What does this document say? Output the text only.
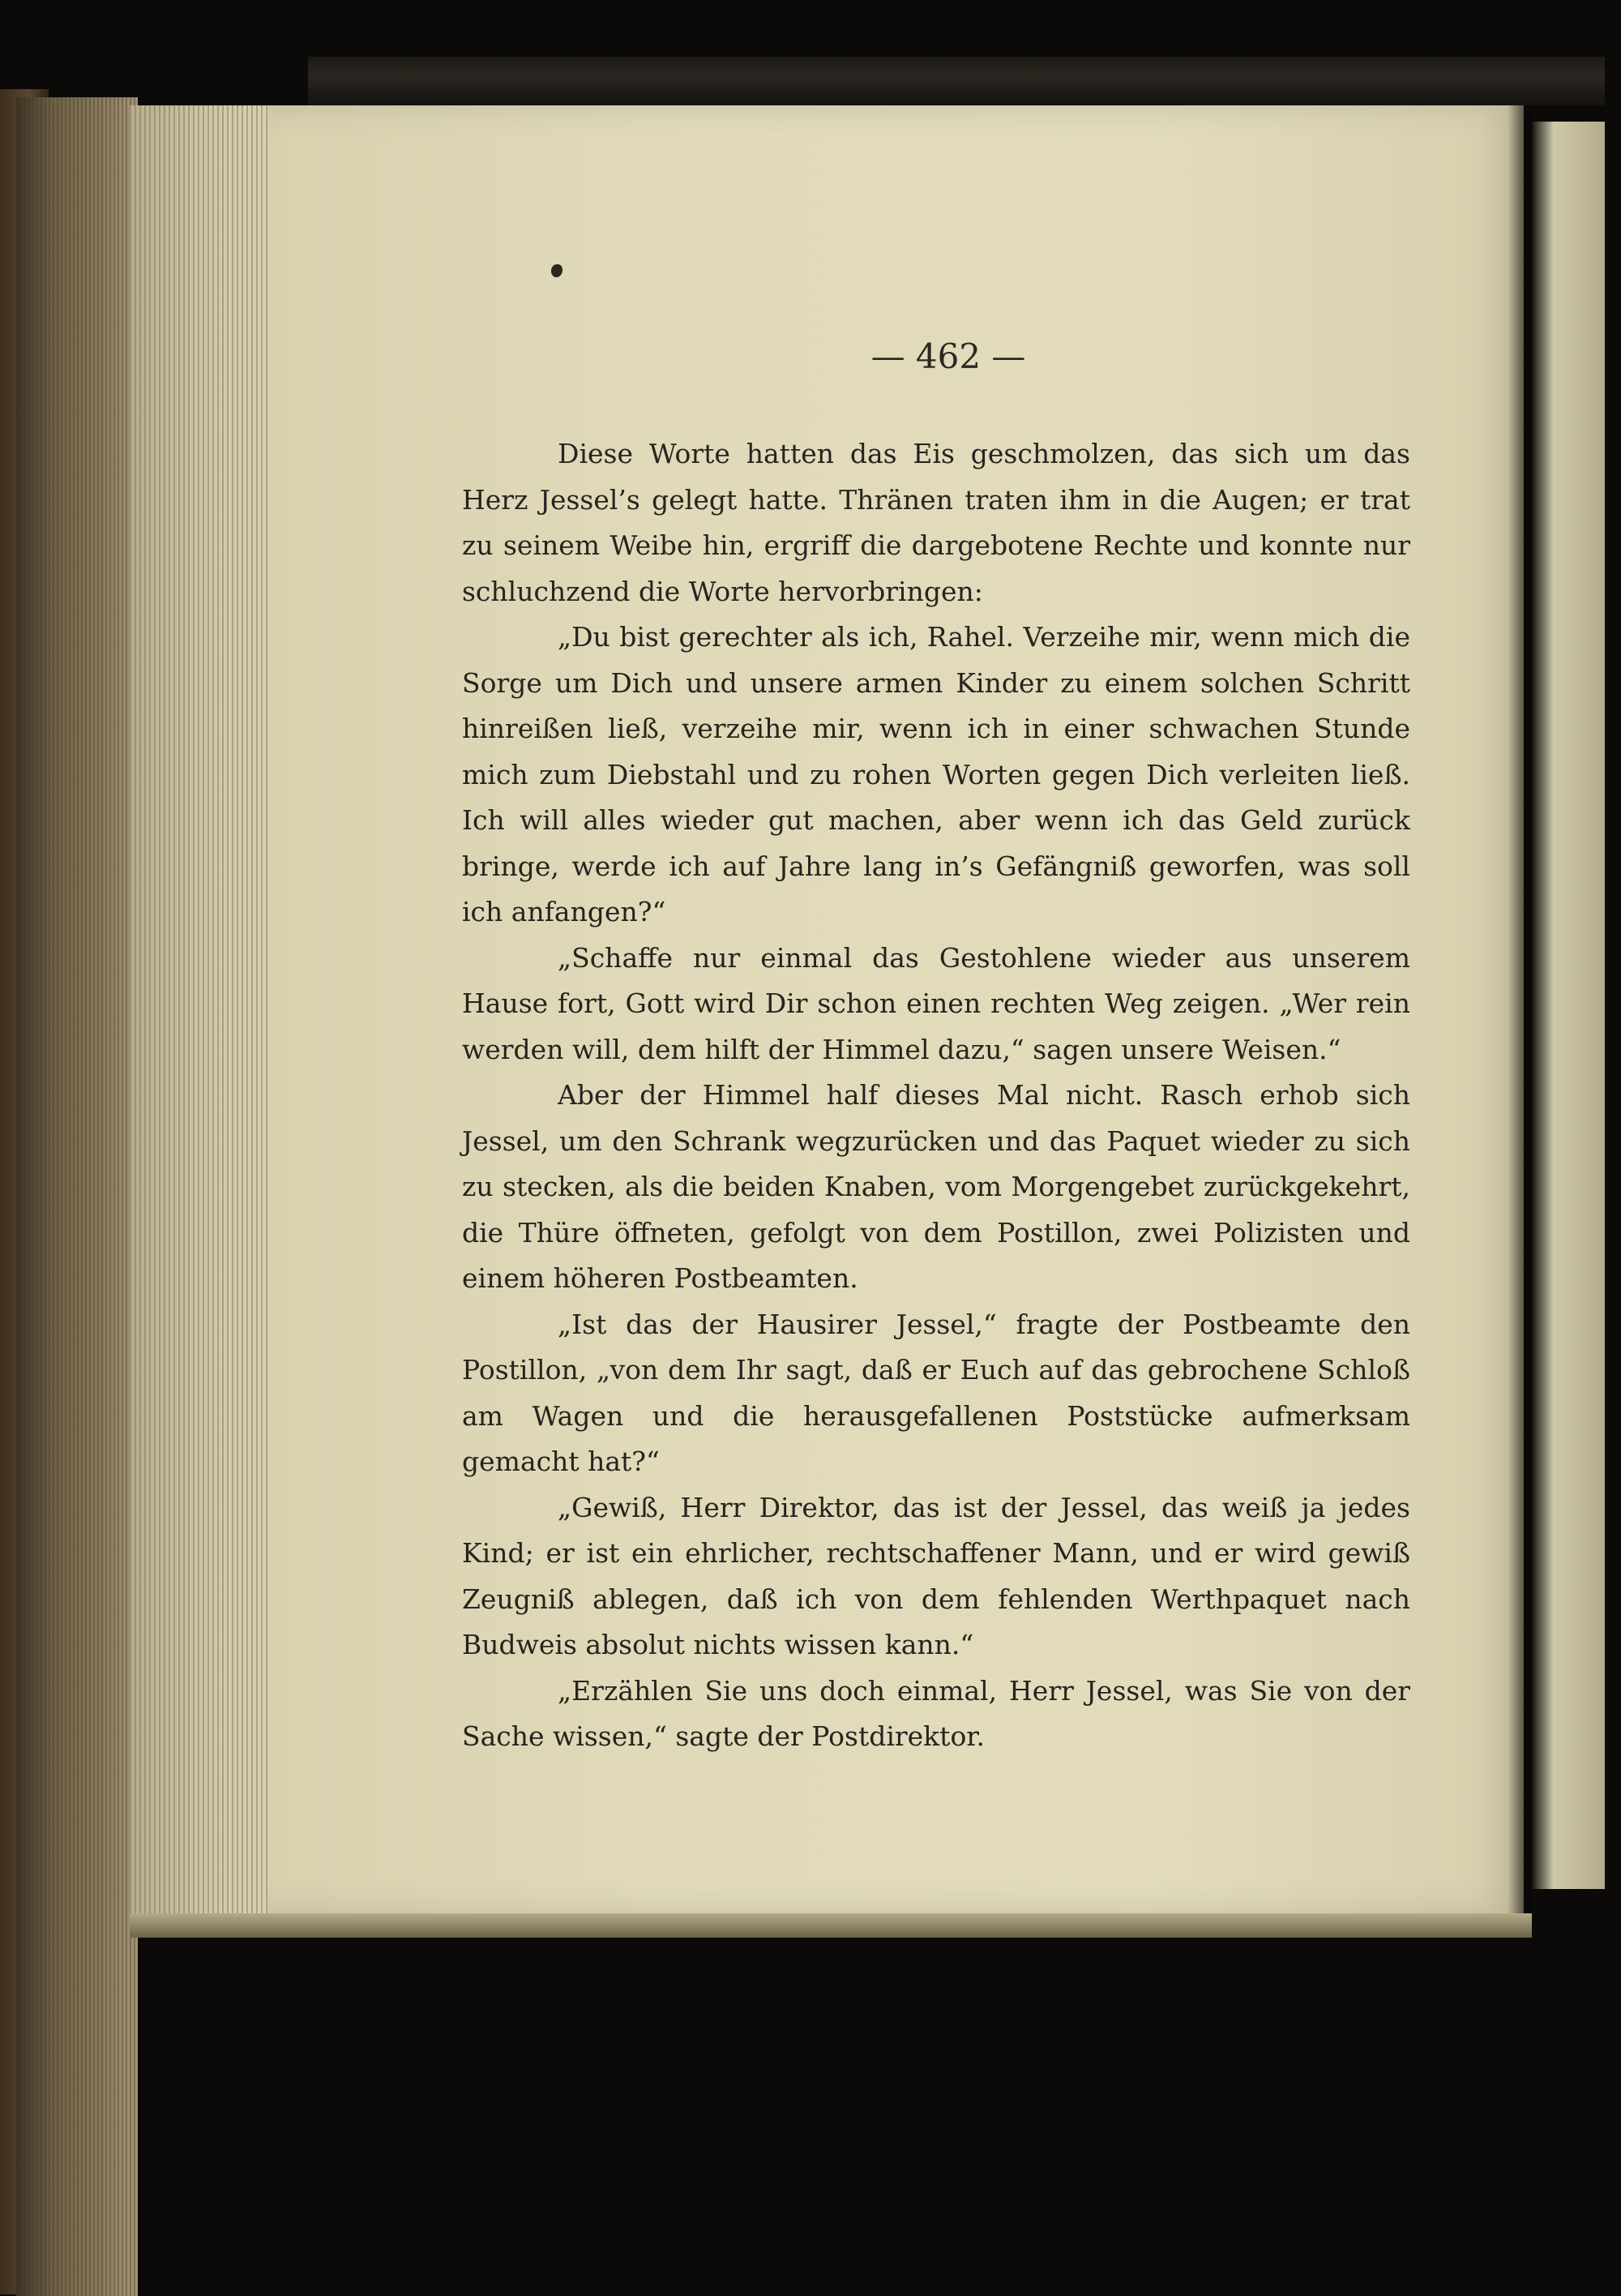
— 462 —

Diese Worte hatten das Eis geschmolzen, das sich um das Herz Jessel’s gelegt hatte. Thränen traten ihm in die Augen; er trat zu seinem Weibe hin, ergriff die dargebotene Rechte und konnte nur schluchzend die Worte hervorbringen:

„Du bist gerechter als ich, Rahel. Verzeihe mir, wenn mich die Sorge um Dich und unsere armen Kinder zu einem solchen Schritt hinreißen ließ, verzeihe mir, wenn ich in einer schwachen Stunde mich zum Diebstahl und zu rohen Worten gegen Dich verleiten ließ. Ich will alles wieder gut machen, aber wenn ich das Geld zurück bringe, werde ich auf Jahre lang in’s Gefängniß geworfen, was soll ich anfangen?“

„Schaffe nur einmal das Gestohlene wieder aus unserem Hause fort, Gott wird Dir schon einen rechten Weg zeigen. „Wer rein werden will, dem hilft der Himmel dazu,“ sagen unsere Weisen.“

Aber der Himmel half dieses Mal nicht. Rasch erhob sich Jessel, um den Schrank wegzurücken und das Paquet wieder zu sich zu stecken, als die beiden Knaben, vom Morgengebet zurückgekehrt, die Thüre öffneten, gefolgt von dem Postillon, zwei Polizisten und einem höheren Postbeamten.

„Ist das der Hausirer Jessel,“ fragte der Postbeamte den Postillon, „von dem Ihr sagt, daß er Euch auf das gebrochene Schloß am Wagen und die herausgefallenen Poststücke aufmerksam gemacht hat?“

„Gewiß, Herr Direktor, das ist der Jessel, das weiß ja jedes Kind; er ist ein ehrlicher, rechtschaffener Mann, und er wird gewiß Zeugniß ablegen, daß ich von dem fehlenden Werthpaquet nach Budweis absolut nichts wissen kann.“

„Erzählen Sie uns doch einmal, Herr Jessel, was Sie von der Sache wissen,“ sagte der Postdirektor.
